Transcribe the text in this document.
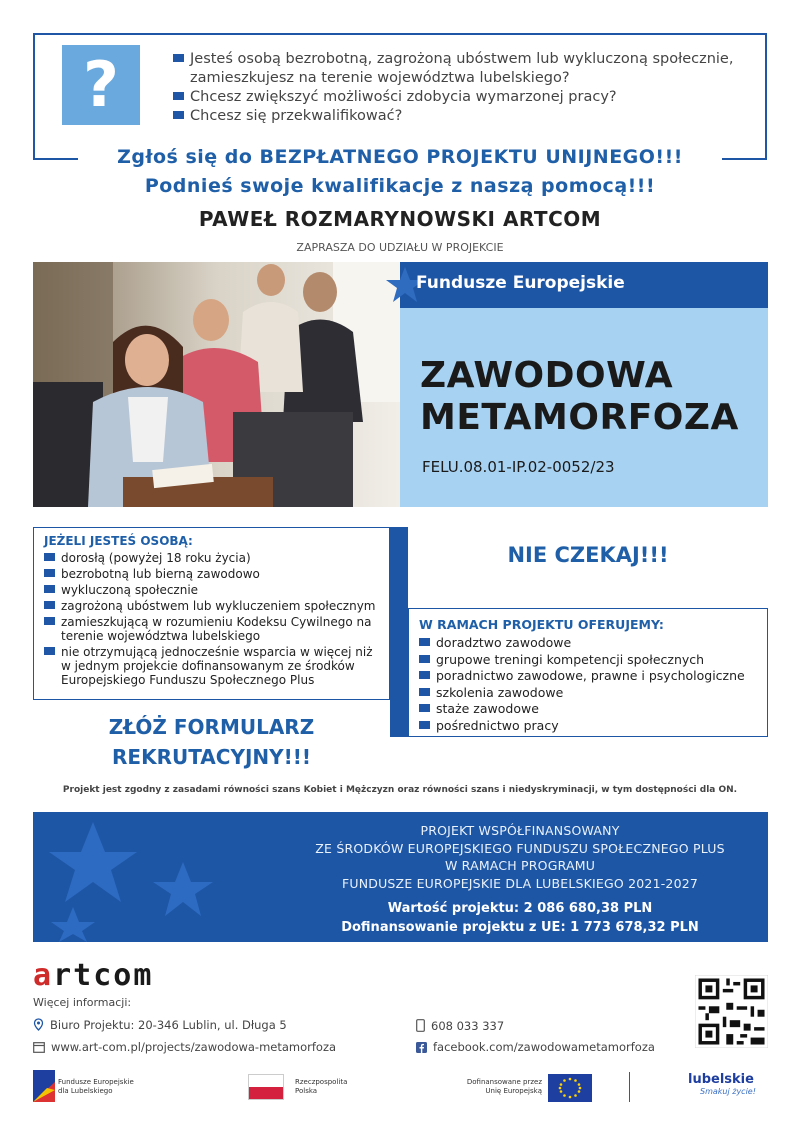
?	Jesteś osobą bezrobotną, zagrożoną ubóstwem lub wykluczoną społecznie,
zamieszkujesz na terenie województwa lubelskiego?
Chcesz zwiększyć możliwości zdobycia wymarzonej pracy?
Chcesz się przekwalifikować?
Zgłoś się do BEZPŁATNEGO PROJEKTU UNIJNEGO!!!
Podnieś swoje kwalifikacje z naszą pomocą!!!
PAWEŁ ROZMARYNOWSKI ARTCOM
ZAPRASZA DO UDZIAŁU W PROJEKCIE
Fundusze Europejskie
ZAWODOWA
METAMORFOZA
FELU.08.01-IP.02-0052/23
JEŻELI JESTEŚ OSOBĄ:
dorosłą (powyżej 18 roku życia)
bezrobotną lub bierną zawodowo
wykluczoną społecznie
zagrożoną ubóstwem lub wykluczeniem społecznym
zamieszkującą w rozumieniu Kodeksu Cywilnego na
terenie województwa lubelskiego
nie otrzymującą jednocześnie wsparcia w więcej niż
w jednym projekcie dofinansowanym ze środków
Europejskiego Funduszu Społecznego Plus
NIE CZEKAJ!!!
W RAMACH PROJEKTU OFERUJEMY:
doradztwo zawodowe
grupowe treningi kompetencji społecznych
poradnictwo zawodowe, prawne i psychologiczne
szkolenia zawodowe
staże zawodowe
pośrednictwo pracy
ZŁÓŻ FORMULARZ
REKRUTACYJNY!!!
Projekt jest zgodny z zasadami równości szans Kobiet i Mężczyzn oraz równości szans i niedyskryminacji, w tym dostępności dla ON.
PROJEKT WSPÓŁFINANSOWANY
ZE ŚRODKÓW EUROPEJSKIEGO FUNDUSZU SPOŁECZNEGO PLUS
W RAMACH PROGRAMU
FUNDUSZE EUROPEJSKIE DLA LUBELSKIEGO 2021-2027
Wartość projektu: 2 086 680,38 PLN
Dofinansowanie projektu z UE: 1 773 678,32 PLN
artcom
Więcej informacji:
Biuro Projektu: 20-346 Lublin, ul. Długa 5
www.art-com.pl/projects/zawodowa-metamorfoza
608 033 337
facebook.com/zawodowametamorfoza
Fundusze Europejskie
dla Lubelskiego
Rzeczpospolita
Polska
Dofinansowane przez
Unię Europejską
lubelskie
Smakuj życie!
